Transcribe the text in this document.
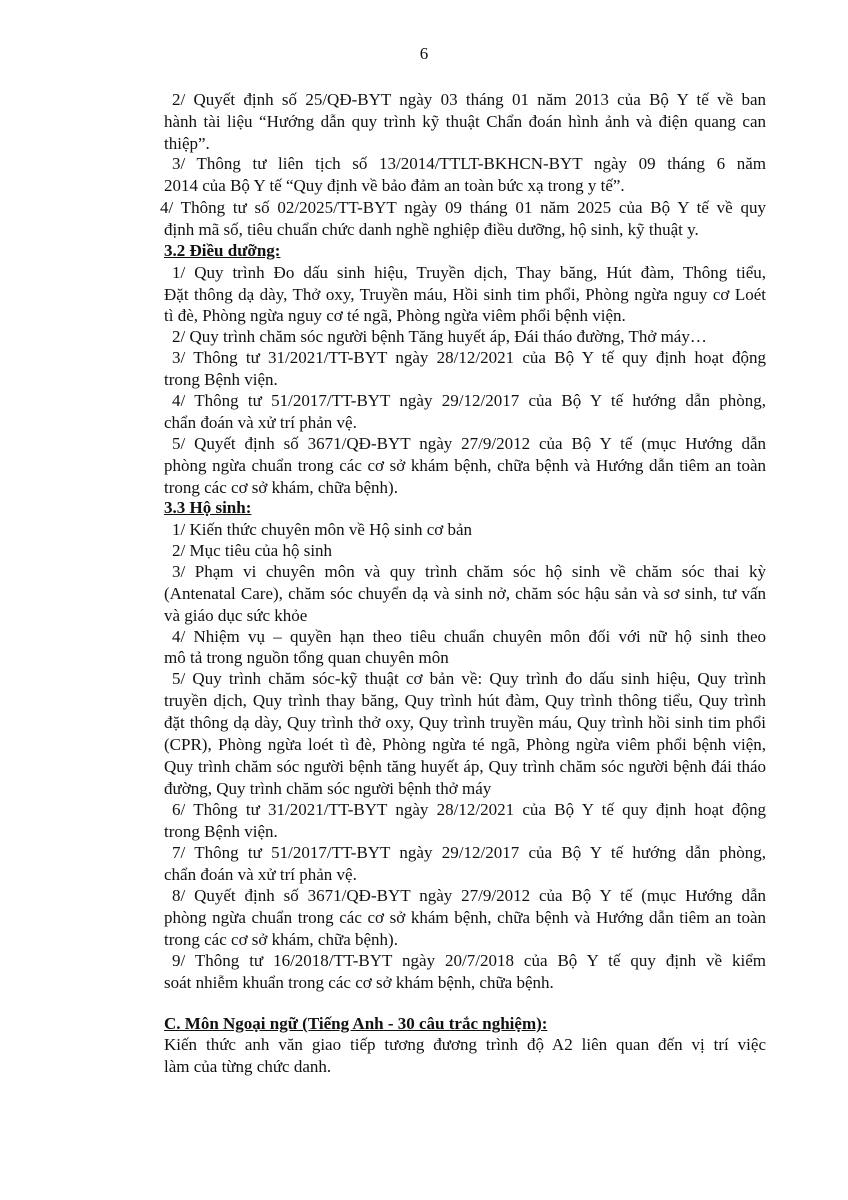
6

2/ Quyết định số 25/QĐ-BYT ngày 03 tháng 01 năm 2013 của Bộ Y tế về ban

hành tài liệu “Hướng dẫn quy trình kỹ thuật Chẩn đoán hình ảnh và điện quang can

thiệp”.

3/ Thông tư liên tịch số 13/2014/TTLT-BKHCN-BYT ngày 09 tháng 6 năm

2014 của Bộ Y tế “Quy định về bảo đảm an toàn bức xạ trong y tế”.

4/ Thông tư số 02/2025/TT-BYT ngày 09 tháng 01 năm 2025 của Bộ Y tế về quy

định mã số, tiêu chuẩn chức danh nghề nghiệp điều dưỡng, hộ sinh, kỹ thuật y.

3.2 Điều dưỡng:

1/ Quy trình Đo dấu sinh hiệu, Truyền dịch, Thay băng, Hút đàm, Thông tiểu,

Đặt thông dạ dày, Thở oxy, Truyền máu, Hồi sinh tim phổi, Phòng ngừa nguy cơ Loét

tì đè, Phòng ngừa nguy cơ té ngã, Phòng ngừa viêm phổi bệnh viện.

2/ Quy trình chăm sóc người bệnh Tăng huyết áp, Đái tháo đường, Thở máy…

3/ Thông tư 31/2021/TT-BYT ngày 28/12/2021 của Bộ Y tế quy định hoạt động

trong Bệnh viện.

4/ Thông tư 51/2017/TT-BYT ngày 29/12/2017 của Bộ Y tế hướng dẫn phòng,

chẩn đoán và xử trí phản vệ.

5/ Quyết định số 3671/QĐ-BYT ngày 27/9/2012 của Bộ Y tế (mục Hướng dẫn

phòng ngừa chuẩn trong các cơ sở khám bệnh, chữa bệnh và Hướng dẫn tiêm an toàn

trong các cơ sở khám, chữa bệnh).

3.3 Hộ sinh:

1/ Kiến thức chuyên môn về Hộ sinh cơ bản

2/ Mục tiêu của hộ sinh

3/ Phạm vi chuyên môn và quy trình chăm sóc hộ sinh về chăm sóc thai kỳ

(Antenatal Care), chăm sóc chuyển dạ và sinh nở, chăm sóc hậu sản và sơ sinh, tư vấn

và giáo dục sức khỏe

4/ Nhiệm vụ – quyền hạn theo tiêu chuẩn chuyên môn đối với nữ hộ sinh theo

mô tả trong nguồn tổng quan chuyên môn

5/ Quy trình chăm sóc-kỹ thuật cơ bản về: Quy trình đo dấu sinh hiệu, Quy trình

truyền dịch, Quy trình thay băng, Quy trình hút đàm, Quy trình thông tiểu, Quy trình

đặt thông dạ dày, Quy trình thở oxy, Quy trình truyền máu, Quy trình hồi sinh tim phổi

(CPR), Phòng ngừa loét tì đè, Phòng ngừa té ngã, Phòng ngừa viêm phổi bệnh viện,

Quy trình chăm sóc người bệnh tăng huyết áp, Quy trình chăm sóc người bệnh đái tháo

đường, Quy trình chăm sóc người bệnh thở máy

6/ Thông tư 31/2021/TT-BYT ngày 28/12/2021 của Bộ Y tế quy định hoạt động

trong Bệnh viện.

7/ Thông tư 51/2017/TT-BYT ngày 29/12/2017 của Bộ Y tế hướng dẫn phòng,

chẩn đoán và xử trí phản vệ.

8/ Quyết định số 3671/QĐ-BYT ngày 27/9/2012 của Bộ Y tế (mục Hướng dẫn

phòng ngừa chuẩn trong các cơ sở khám bệnh, chữa bệnh và Hướng dẫn tiêm an toàn

trong các cơ sở khám, chữa bệnh).

9/ Thông tư 16/2018/TT-BYT ngày 20/7/2018 của Bộ Y tế quy định về kiểm

soát nhiễm khuẩn trong các cơ sở khám bệnh, chữa bệnh.

C. Môn Ngoại ngữ (Tiếng Anh - 30 câu trắc nghiệm):

Kiến thức anh văn giao tiếp tương đương trình độ A2 liên quan đến vị trí việc

làm của từng chức danh.
